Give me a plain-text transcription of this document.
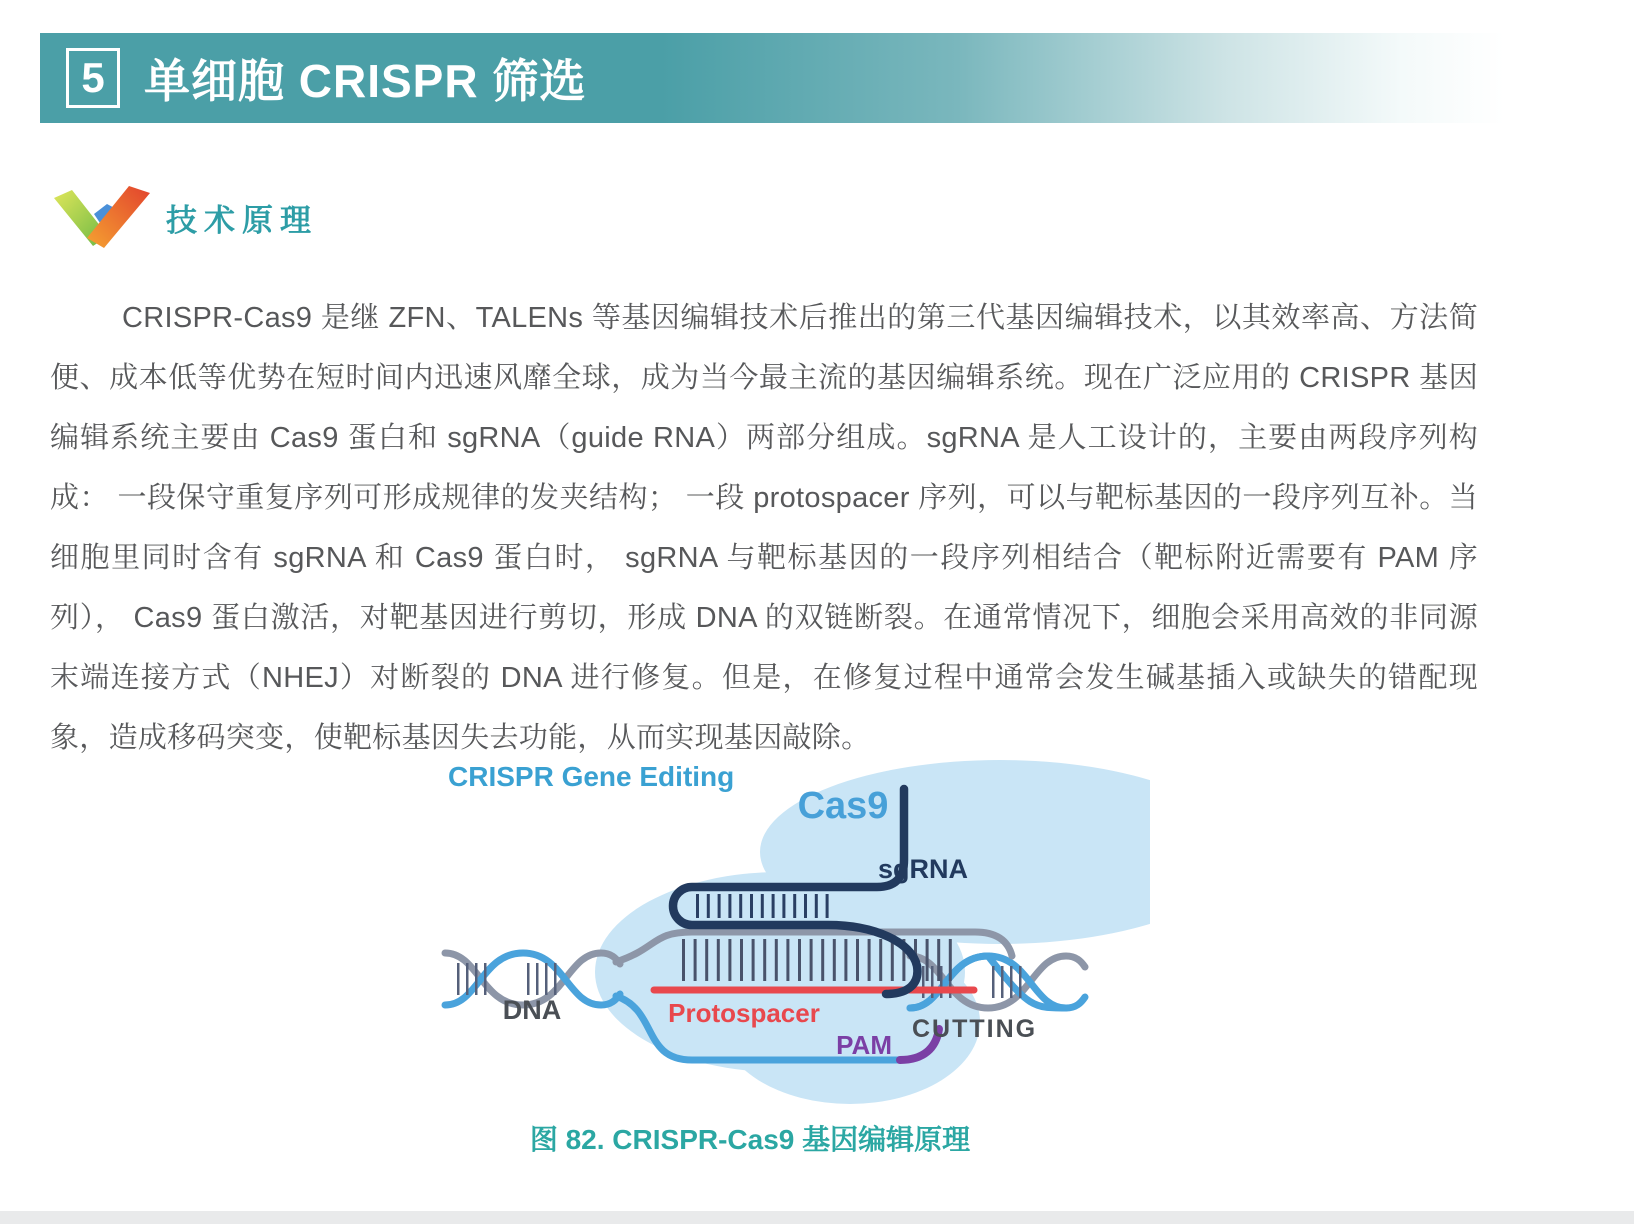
5 单细胞 CRISPR 筛选
技术原理
CRISPR-Cas9 是继 ZFN、TALENs 等基因编辑技术后推出的第三代基因编辑技术，以其效率高、方法简便、成本低等优势在短时间内迅速风靡全球，成为当今最主流的基因编辑系统。现在广泛应用的 CRISPR 基因编辑系统主要由 Cas9 蛋白和 sgRNA（guide RNA）两部分组成。sgRNA 是人工设计的，主要由两段序列构成： 一段保守重复序列可形成规律的发夹结构； 一段 protospacer 序列，可以与靶标基因的一段序列互补。当细胞里同时含有 sgRNA 和 Cas9 蛋白时， sgRNA 与靶标基因的一段序列相结合（靶标附近需要有 PAM 序列）， Cas9 蛋白激活，对靶基因进行剪切，形成 DNA 的双链断裂。在通常情况下，细胞会采用高效的非同源末端连接方式（NHEJ）对断裂的 DNA 进行修复。但是，在修复过程中通常会发生碱基插入或缺失的错配现象，造成移码突变，使靶标基因失去功能，从而实现基因敲除。
CRISPR Gene Editing
Cas9
sgRNA
DNA	Protospacer
PAM
CUTTING
图 82. CRISPR-Cas9 基因编辑原理
